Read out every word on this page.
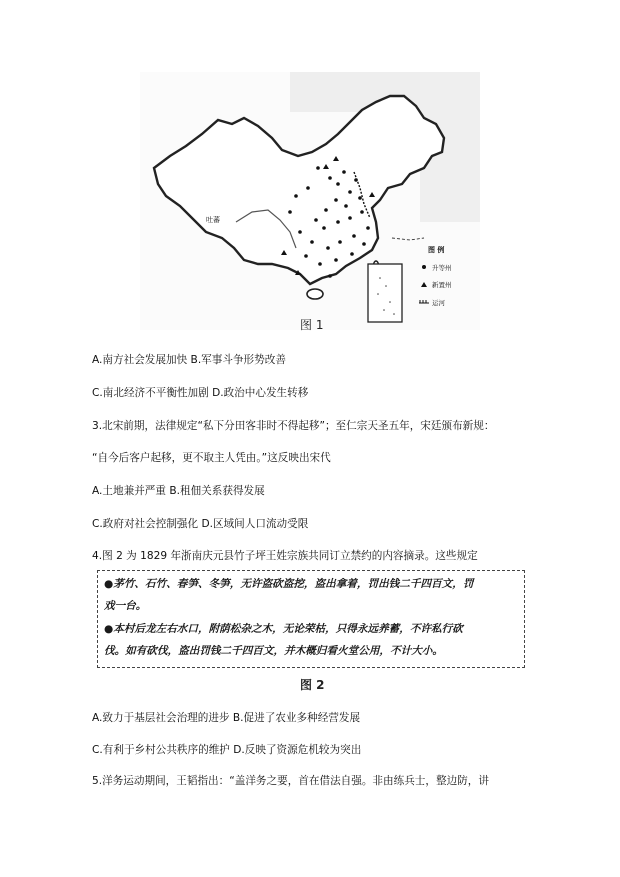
吐蕃
图 例
升等州
新置州
运河
图 1
A.南方社会发展加快 B.军事斗争形势改善
C.南北经济不平衡性加剧 D.政治中心发生转移
3.北宋前期，法律规定“私下分田客非时不得起移”；至仁宗天圣五年，宋廷颁布新规：
“自今后客户起移，更不取主人凭由。”这反映出宋代
A.土地兼并严重 B.租佃关系获得发展
C.政府对社会控制强化 D.区域间人口流动受限
4.图 2 为 1829 年浙南庆元县竹子坪王姓宗族共同订立禁约的内容摘录。这些规定

●茅竹、石竹、春笋、冬笋，无许盗砍盗挖，盗出拿着，罚出钱二千四百文，罚

戏一台。

●本村后龙左右水口，附荫松杂之木，无论荣枯，只得永远养蓄，不许私行砍

伐。如有砍伐，盗出罚钱二千四百文，并木概归看火堂公用，不计大小。

图 2
A.致力于基层社会治理的进步 B.促进了农业多种经营发展
C.有利于乡村公共秩序的维护 D.反映了资源危机较为突出
5.洋务运动期间，王韬指出：“盖洋务之要，首在借法自强。非由练兵士，整边防，讲
